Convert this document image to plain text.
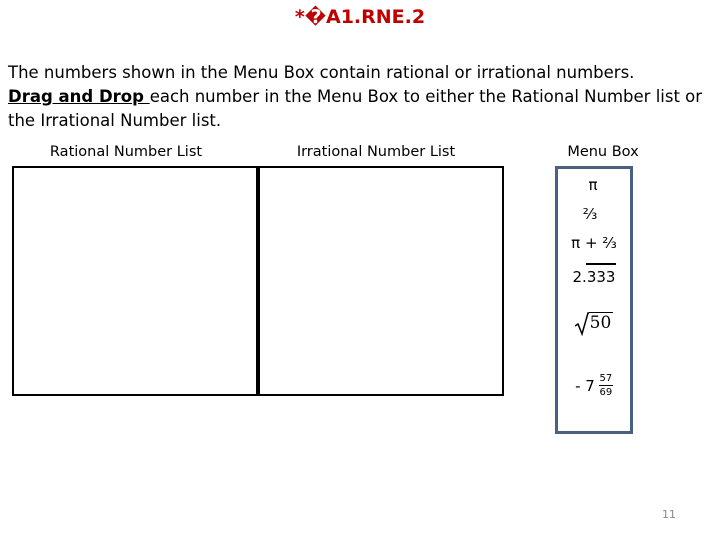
*�A1.RNE.2
The numbers shown in the Menu Box contain rational or irrational numbers.
Drag and Drop each number in the Menu Box to either the Rational Number list or the Irrational Number list.
Rational Number List	Irrational Number List	Menu Box
π
⅔
π + ⅔
2.333
50
- $7 \frac{57}{69}$
11
